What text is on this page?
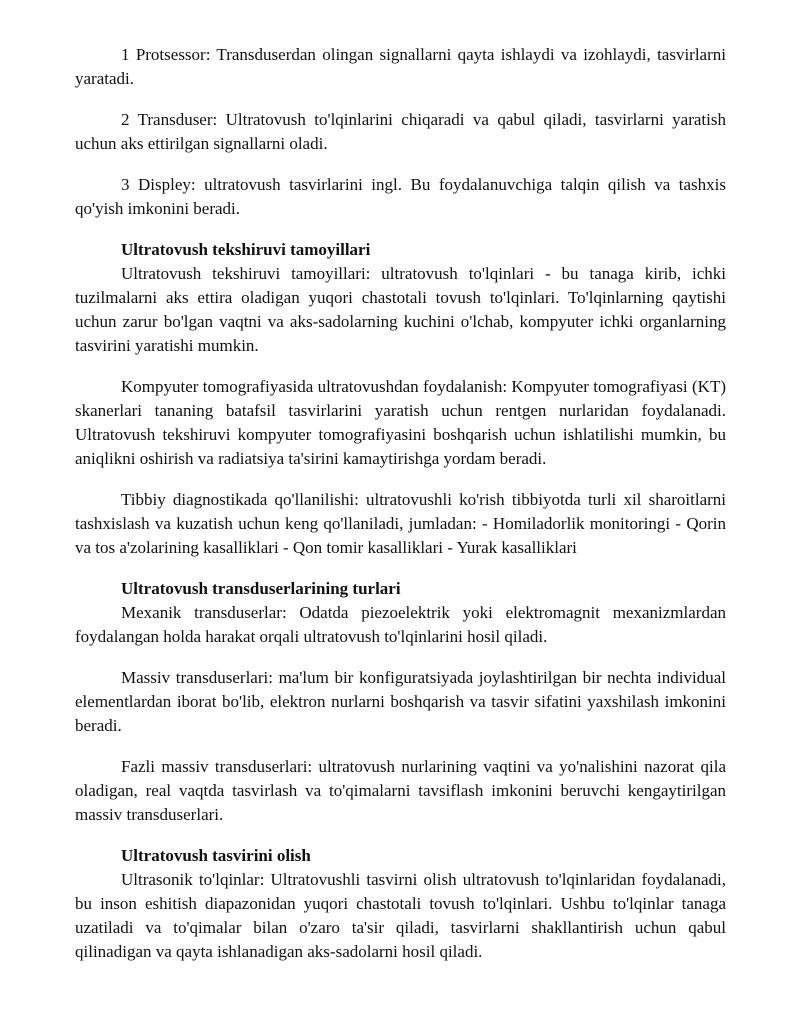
1 Protsessor: Transduserdan olingan signallarni qayta ishlaydi va izohlaydi, tasvirlarni yaratadi.

2 Transduser: Ultratovush to'lqinlarini chiqaradi va qabul qiladi, tasvirlarni yaratish uchun aks ettirilgan signallarni oladi.

3 Displey: ultratovush tasvirlarini ingl. Bu foydalanuvchiga talqin qilish va tashxis qo'yish imkonini beradi.

Ultratovush tekshiruvi tamoyillari

Ultratovush tekshiruvi tamoyillari: ultratovush to'lqinlari - bu tanaga kirib, ichki tuzilmalarni aks ettira oladigan yuqori chastotali tovush to'lqinlari. To'lqinlarning qaytishi uchun zarur bo'lgan vaqtni va aks-sadolarning kuchini o'lchab, kompyuter ichki organlarning tasvirini yaratishi mumkin.

Kompyuter tomografiyasida ultratovushdan foydalanish: Kompyuter tomografiyasi (KT) skanerlari tananing batafsil tasvirlarini yaratish uchun rentgen nurlaridan foydalanadi. Ultratovush tekshiruvi kompyuter tomografiyasini boshqarish uchun ishlatilishi mumkin, bu aniqlikni oshirish va radiatsiya ta'sirini kamaytirishga yordam beradi.

Tibbiy diagnostikada qo'llanilishi: ultratovushli ko'rish tibbiyotda turli xil sharoitlarni tashxislash va kuzatish uchun keng qo'llaniladi, jumladan: - Homiladorlik monitoringi - Qorin va tos a'zolarining kasalliklari - Qon tomir kasalliklari - Yurak kasalliklari

Ultratovush transduserlarining turlari

Mexanik transduserlar: Odatda piezoelektrik yoki elektromagnit mexanizmlardan foydalangan holda harakat orqali ultratovush to'lqinlarini hosil qiladi.

Massiv transduserlari: ma'lum bir konfiguratsiyada joylashtirilgan bir nechta individual elementlardan iborat bo'lib, elektron nurlarni boshqarish va tasvir sifatini yaxshilash imkonini beradi.

Fazli massiv transduserlari: ultratovush nurlarining vaqtini va yo'nalishini nazorat qila oladigan, real vaqtda tasvirlash va to'qimalarni tavsiflash imkonini beruvchi kengaytirilgan massiv transduserlari.

Ultratovush tasvirini olish

Ultrasonik to'lqinlar: Ultratovushli tasvirni olish ultratovush to'lqinlaridan foydalanadi, bu inson eshitish diapazonidan yuqori chastotali tovush to'lqinlari. Ushbu to'lqinlar tanaga uzatiladi va to'qimalar bilan o'zaro ta'sir qiladi, tasvirlarni shakllantirish uchun qabul qilinadigan va qayta ishlanadigan aks-sadolarni hosil qiladi.
